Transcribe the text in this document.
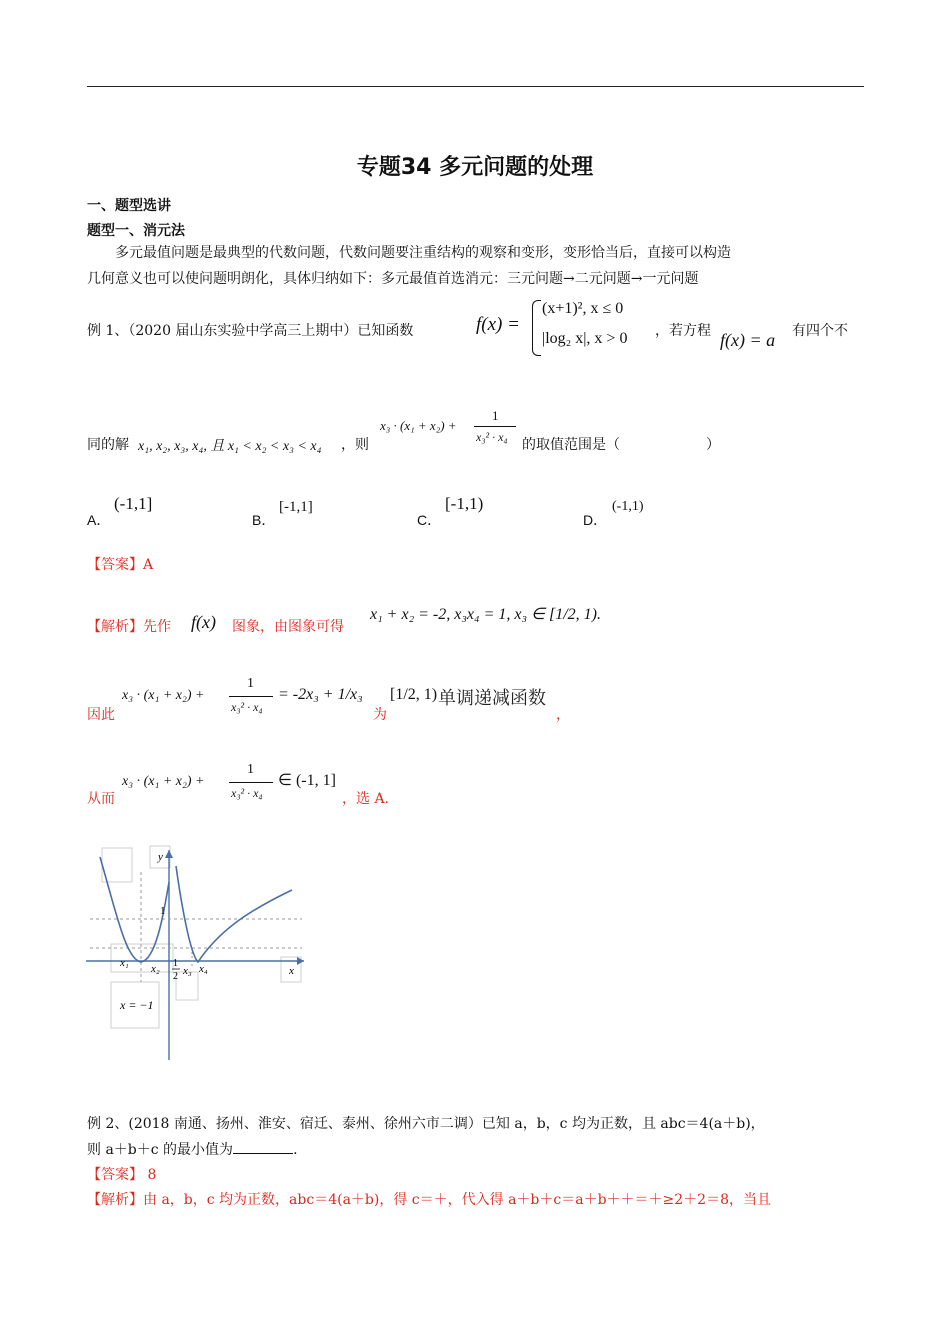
专题34 多元问题的处理
一、题型选讲
题型一、消元法
多元最值问题是最典型的代数问题，代数问题要注重结构的观察和变形，变形恰当后，直接可以构造
几何意义也可以使问题明朗化，具体归纳如下：多元最值首选消元：三元问题→二元问题→一元问题
例 1、（2020 届山东实验中学高三上期中）已知函数	f(x) =
(x+1)², x ≤ 0
|log₂ x|, x > 0 ，若方程 f(x) = a 有四个不
同的解 x₁, x₂, x₃, x₄, 且 x₁ < x₂ < x₃ < x₄ ，则
x₃ · (x₁ + x₂) +
1
x₃² · x₄ 的取值范围是（	）
A．
(-1,1]
B．
[-1,1]
C．
[-1,1)
D．
(-1,1)
【答案】A
【解析】先作 f(x) 图象，由图象可得
x₁ + x₂ = -2, x₃x₄ = 1, x₃ ∈ [1/2, 1).
因此
x₃ · (x₁ + x₂) +
1
x₃² · x₄
= -2x₃ + 1/x₃
为
[1/2, 1) 单调递减函数
，
从而
x₃ · (x₁ + x₂) +
1
x₃² · x₄
∈ (-1, 1]
，选 A.
y
x
1
x₁ x₂ 1
2 x₃ x₄
x = −1
例 2、(2018 南通、扬州、淮安、宿迁、泰州、徐州六市二调）已知 a，b，c 均为正数，且 abc＝4(a＋b)，
则 a＋b＋c 的最小值为	.
【答案】 8
【解析】由 a，b，c 均为正数，abc＝4(a＋b)，得 c＝＋，代入得 a＋b＋c＝a＋b＋＋＝＋≥2＋2＝8，当且
